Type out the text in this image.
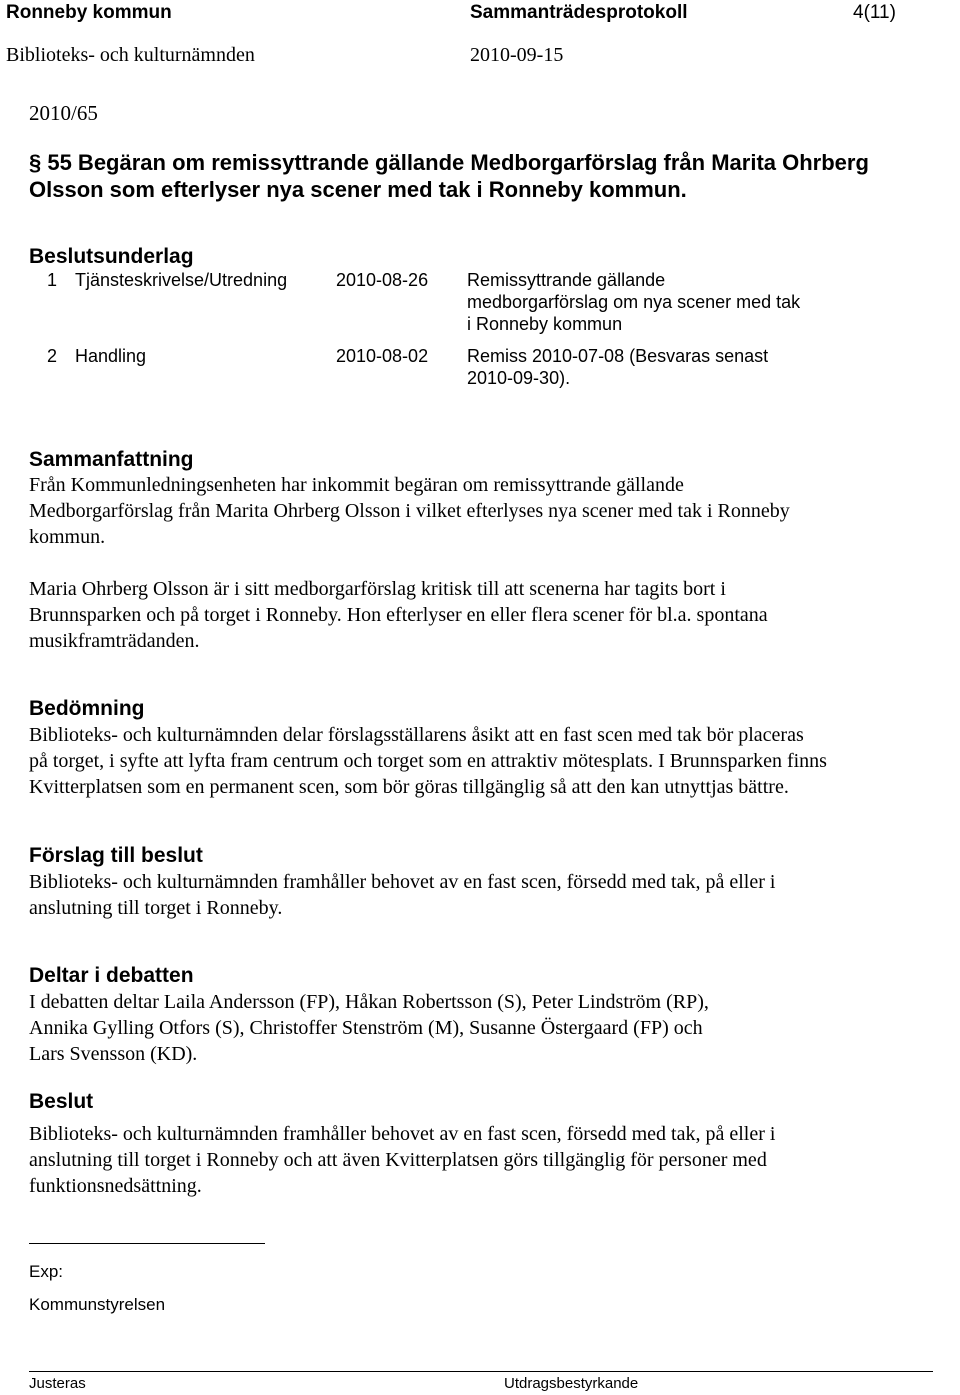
Ronneby kommun	Sammanträdesprotokoll	4(11)
Biblioteks- och kulturnämnden	2010-09-15
2010/65
§ 55 Begäran om remissyttrande gällande Medborgarförslag från Marita Ohrberg
Olsson som efterlyser nya scener med tak i Ronneby kommun.
Beslutsunderlag
1 Tjänsteskrivelse/Utredning	2010-08-26 Remissyttrande gällande
medborgarförslag om nya scener med tak
i Ronneby kommun
2 Handling	2010-08-02 Remiss 2010-07-08 (Besvaras senast
2010-09-30).
Sammanfattning
Från Kommunledningsenheten har inkommit begäran om remissyttrande gällande
Medborgarförslag från Marita Ohrberg Olsson i vilket efterlyses nya scener med tak i Ronneby
kommun.
Maria Ohrberg Olsson är i sitt medborgarförslag kritisk till att scenerna har tagits bort i
Brunnsparken och på torget i Ronneby. Hon efterlyser en eller flera scener för bl.a. spontana
musikframträdanden.
Bedömning
Biblioteks- och kulturnämnden delar förslagsställarens åsikt att en fast scen med tak bör placeras
på torget, i syfte att lyfta fram centrum och torget som en attraktiv mötesplats. I Brunnsparken finns
Kvitterplatsen som en permanent scen, som bör göras tillgänglig så att den kan utnyttjas bättre.
Förslag till beslut
Biblioteks- och kulturnämnden framhåller behovet av en fast scen, försedd med tak, på eller i
anslutning till torget i Ronneby.
Deltar i debatten
I debatten deltar Laila Andersson (FP), Håkan Robertsson (S), Peter Lindström (RP),
Annika Gylling Otfors (S), Christoffer Stenström (M), Susanne Östergaard (FP) och
Lars Svensson (KD).
Beslut
Biblioteks- och kulturnämnden framhåller behovet av en fast scen, försedd med tak, på eller i
anslutning till torget i Ronneby och att även Kvitterplatsen görs tillgänglig för personer med
funktionsnedsättning.
Exp:
Kommunstyrelsen
Justeras	Utdragsbestyrkande
